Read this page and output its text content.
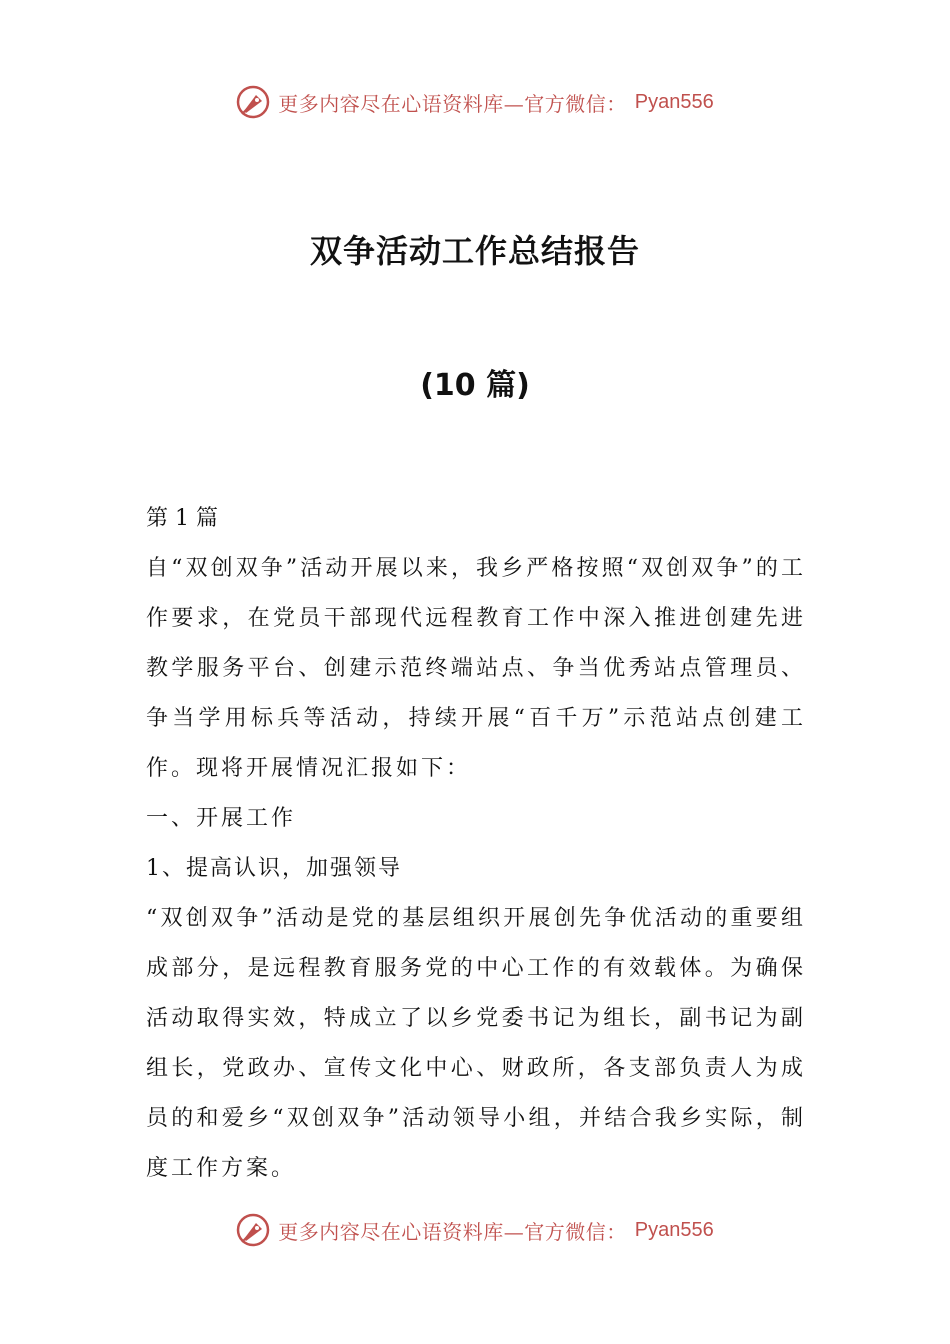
更多内容尽在心语资料库—官方微信： Pyan556
双争活动工作总结报告
(10 篇)

第 1 篇

自“双创双争”活动开展以来，我乡严格按照“双创双争”的工作要求，在党员干部现代远程教育工作中深入推进创建先进教学服务平台、创建示范终端站点、争当优秀站点管理员、争当学用标兵等活动，持续开展“百千万”示范站点创建工作。现将开展情况汇报如下：

一、开展工作

1、提高认识，加强领导

“双创双争”活动是党的基层组织开展创先争优活动的重要组成部分，是远程教育服务党的中心工作的有效载体。为确保活动取得实效，特成立了以乡党委书记为组长，副书记为副组长，党政办、宣传文化中心、财政所，各支部负责人为成员的和爱乡“双创双争”活动领导小组，并结合我乡实际，制度工作方案。

更多内容尽在心语资料库—官方微信： Pyan556
